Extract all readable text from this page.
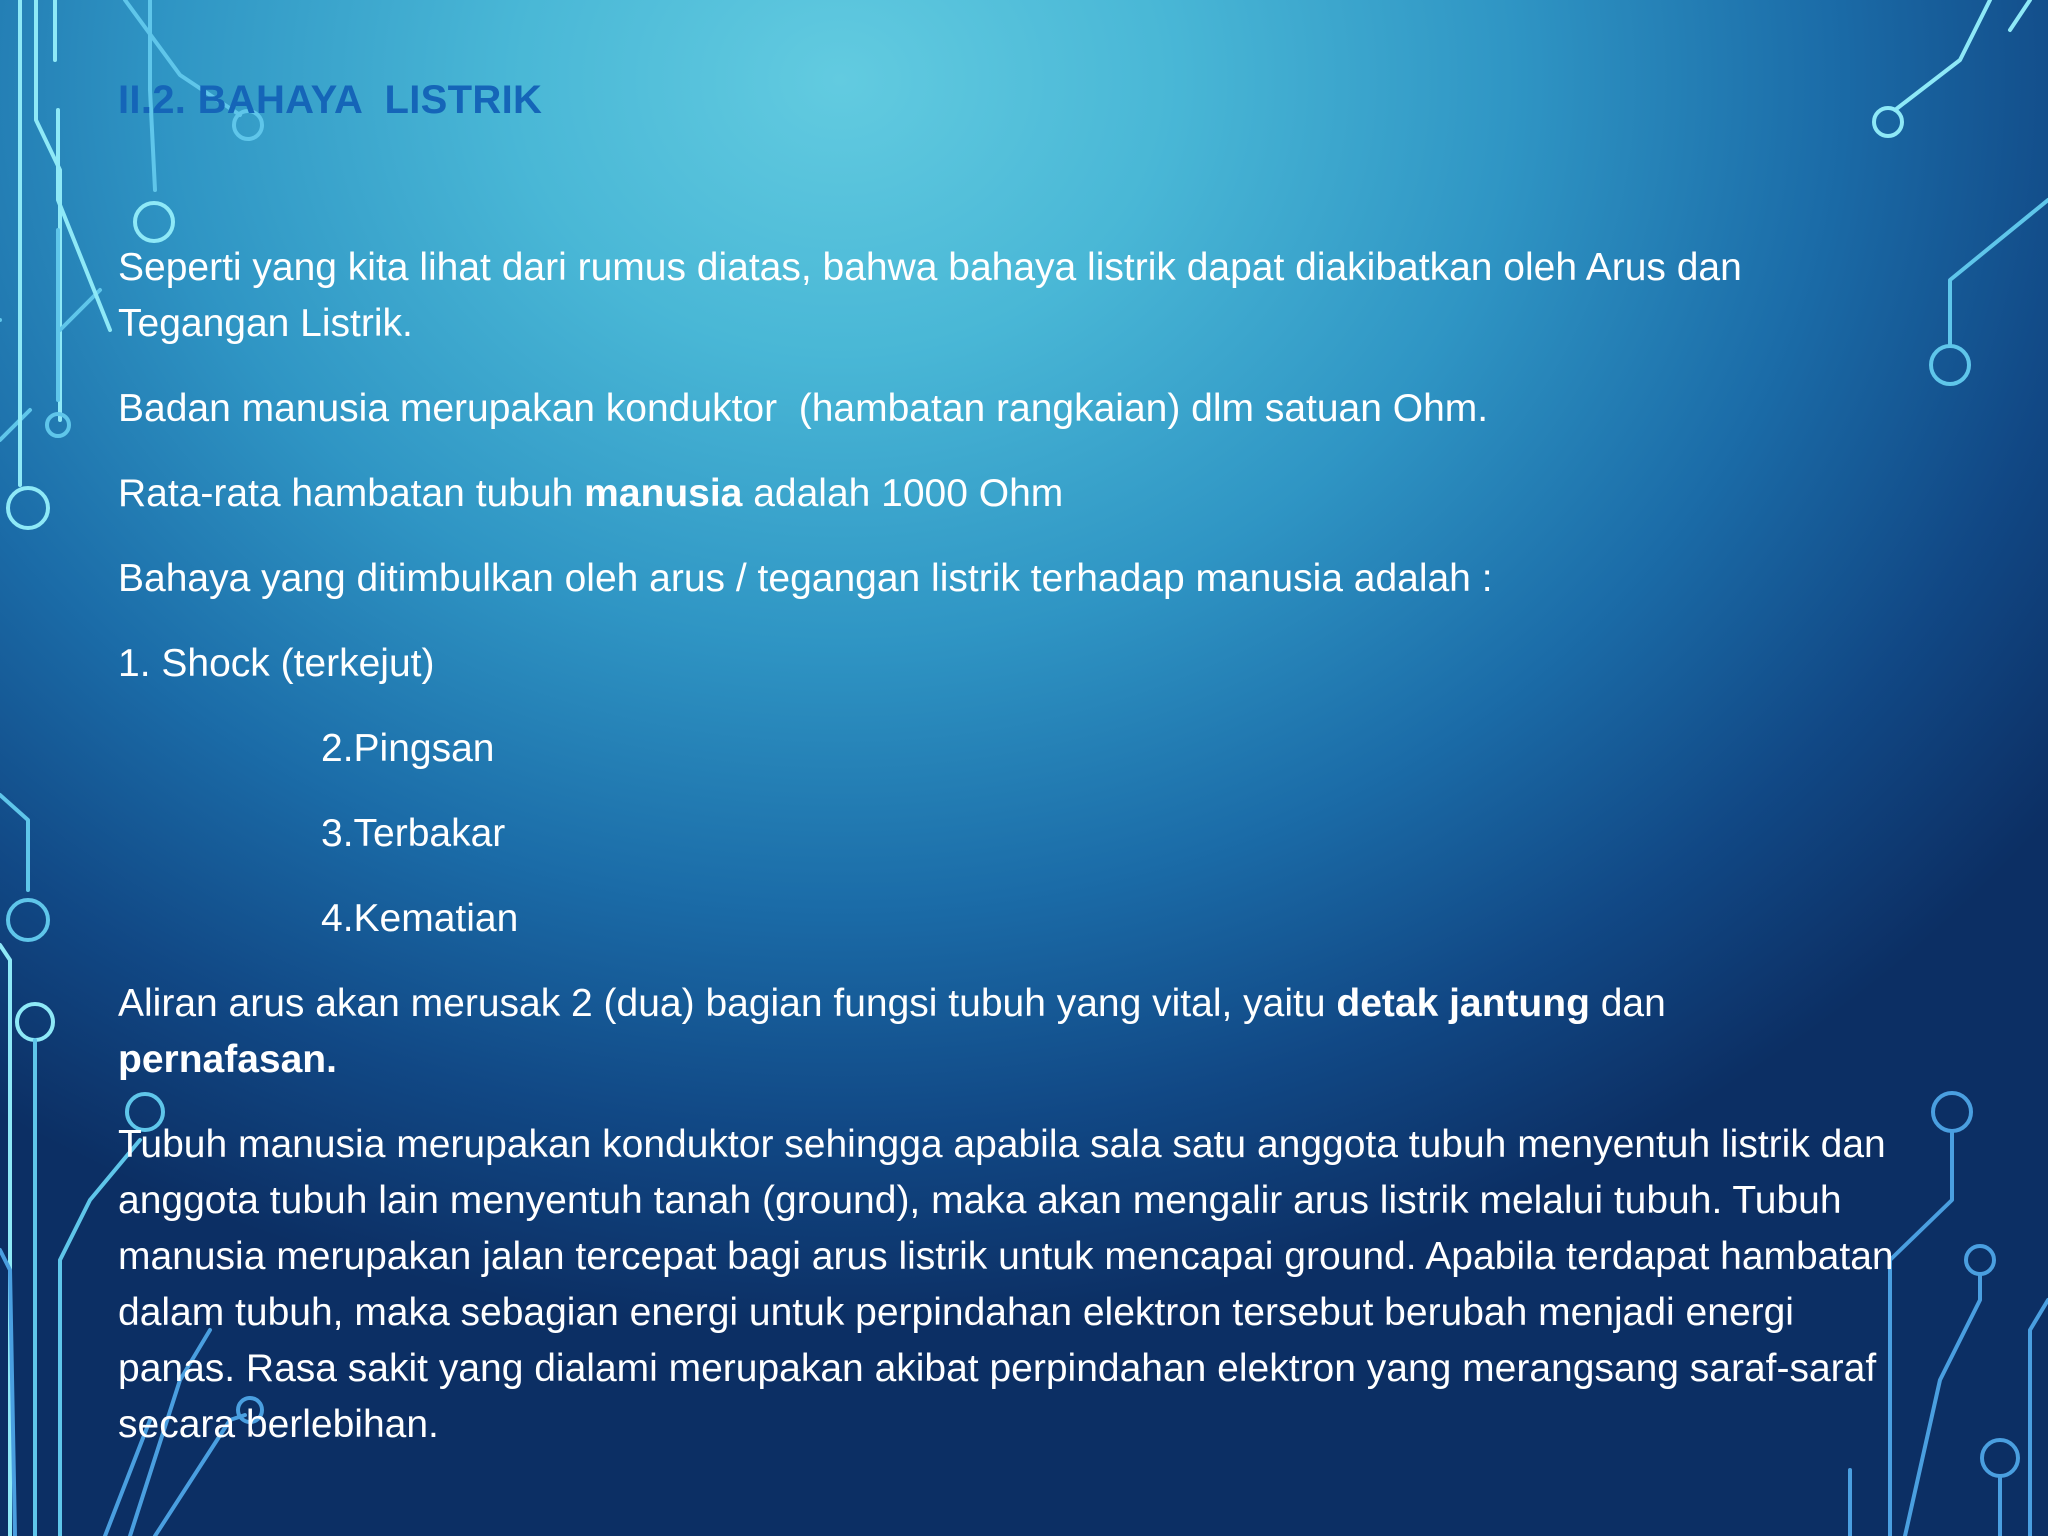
II.2. BAHAYA  LISTRIK

Seperti yang kita lihat dari rumus diatas, bahwa bahaya listrik dapat diakibatkan oleh Arus dan Tegangan Listrik.

Badan manusia merupakan konduktor  (hambatan rangkaian) dlm satuan Ohm.

Rata-rata hambatan tubuh manusia adalah 1000 Ohm

Bahaya yang ditimbulkan oleh arus / tegangan listrik terhadap manusia adalah :

1. Shock (terkejut)

2.Pingsan

3.Terbakar

4.Kematian

Aliran arus akan merusak 2 (dua) bagian fungsi tubuh yang vital, yaitu detak jantung dan
pernafasan.

Tubuh manusia merupakan konduktor sehingga apabila sala satu anggota tubuh menyentuh listrik dan anggota tubuh lain menyentuh tanah (ground), maka akan mengalir arus listrik melalui tubuh. Tubuh manusia merupakan jalan tercepat bagi arus listrik untuk mencapai ground. Apabila terdapat hambatan dalam tubuh, maka sebagian energi untuk perpindahan elektron tersebut berubah menjadi energi panas. Rasa sakit yang dialami merupakan akibat perpindahan elektron yang merangsang saraf-saraf secara berlebihan.
